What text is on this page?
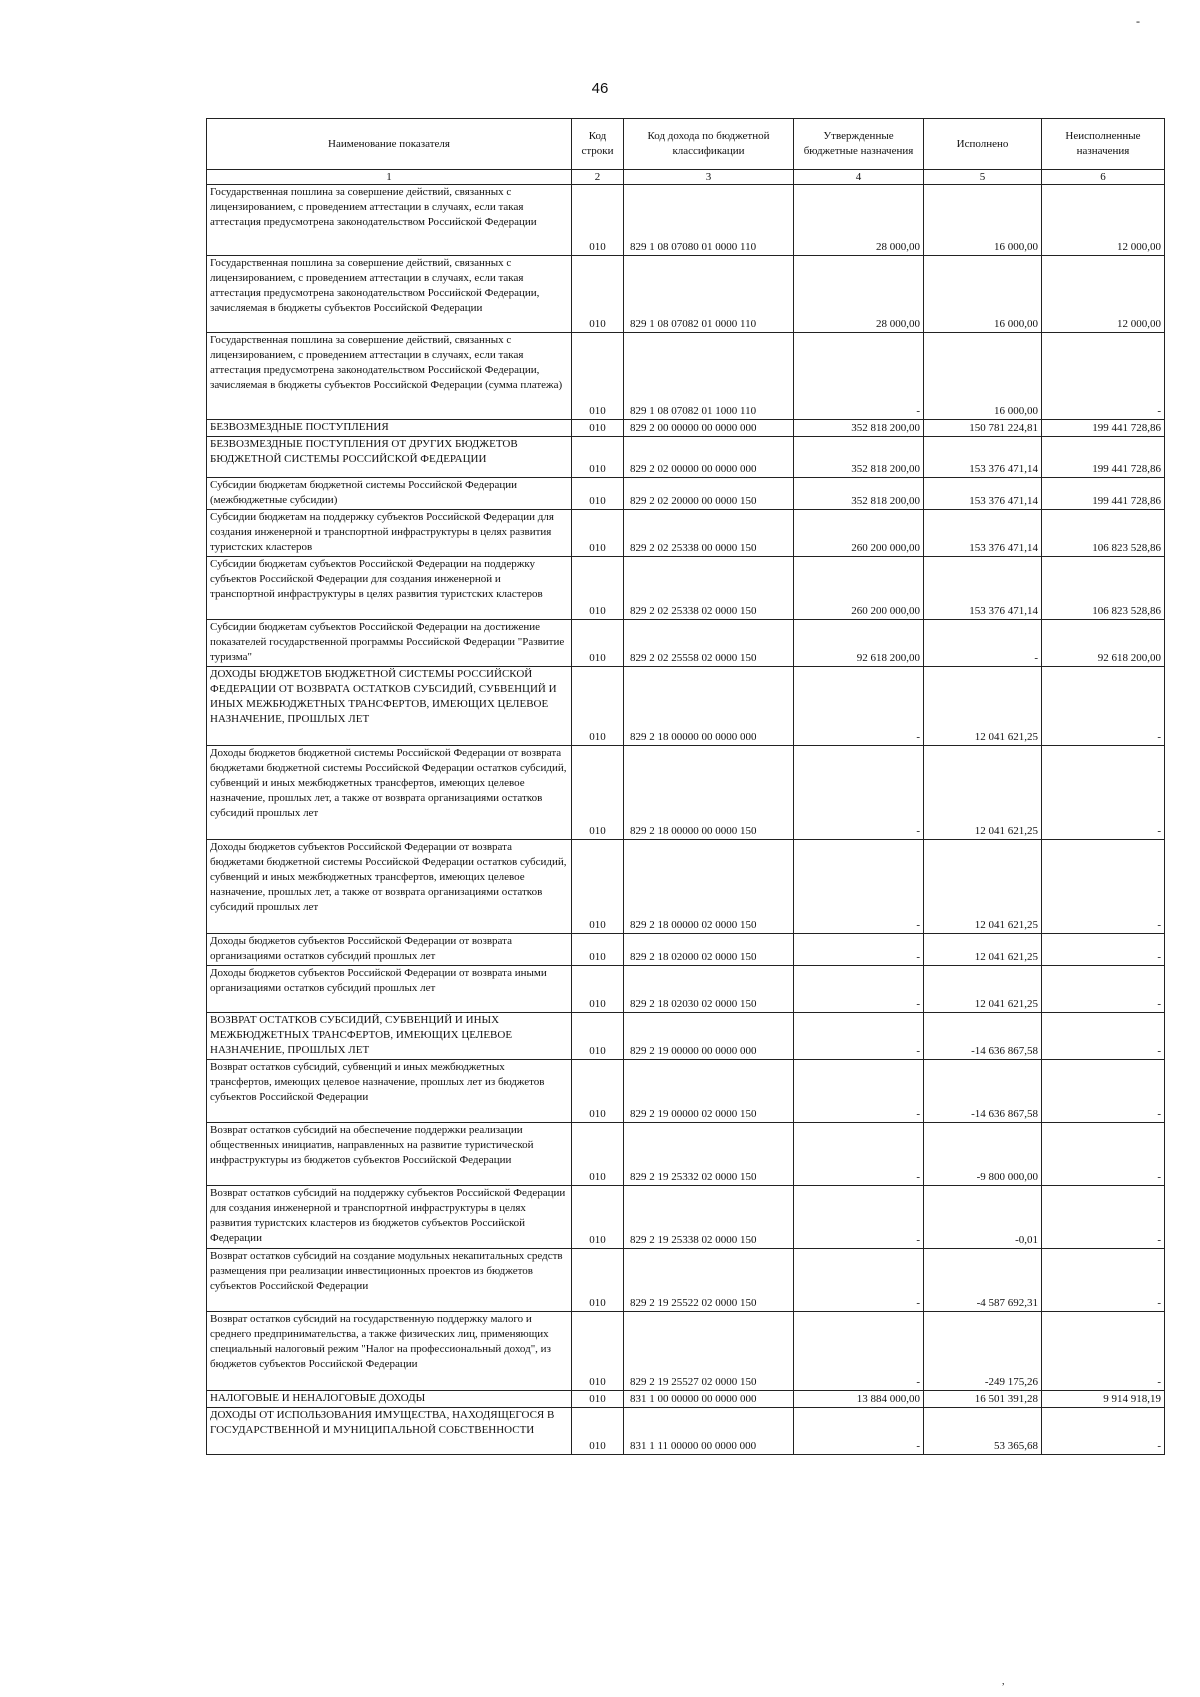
-
46
Наименование показателя	Код строки	Код дохода по бюджетной классификации	Утвержденные бюджетные назначения	Исполнено	Неисполненные назначения
1	2	3	4	5	6
Государственная пошлина за совершение действий, связанных с лицензированием, с проведением аттестации в случаях, если такая аттестация предусмотрена законодательством Российской Федерации	010	829 1 08 07080 01 0000 110	28 000,00	16 000,00	12 000,00
Государственная пошлина за совершение действий, связанных с лицензированием, с проведением аттестации в случаях, если такая аттестация предусмотрена законодательством Российской Федерации, зачисляемая в бюджеты субъектов Российской Федерации	010	829 1 08 07082 01 0000 110	28 000,00	16 000,00	12 000,00
Государственная пошлина за совершение действий, связанных с лицензированием, с проведением аттестации в случаях, если такая аттестация предусмотрена законодательством Российской Федерации, зачисляемая в бюджеты субъектов Российской Федерации (сумма платежа)	010	829 1 08 07082 01 1000 110	-	16 000,00	-
БЕЗВОЗМЕЗДНЫЕ ПОСТУПЛЕНИЯ	010	829 2 00 00000 00 0000 000	352 818 200,00	150 781 224,81	199 441 728,86
БЕЗВОЗМЕЗДНЫЕ ПОСТУПЛЕНИЯ ОТ ДРУГИХ БЮДЖЕТОВ БЮДЖЕТНОЙ СИСТЕМЫ РОССИЙСКОЙ ФЕДЕРАЦИИ	010	829 2 02 00000 00 0000 000	352 818 200,00	153 376 471,14	199 441 728,86
Субсидии бюджетам бюджетной системы Российской Федерации (межбюджетные субсидии)	010	829 2 02 20000 00 0000 150	352 818 200,00	153 376 471,14	199 441 728,86
Субсидии бюджетам на поддержку субъектов Российской Федерации для создания инженерной и транспортной инфраструктуры в целях развития туристских кластеров	010	829 2 02 25338 00 0000 150	260 200 000,00	153 376 471,14	106 823 528,86
Субсидии бюджетам субъектов Российской Федерации на поддержку субъектов Российской Федерации для создания инженерной и транспортной инфраструктуры в целях развития туристских кластеров	010	829 2 02 25338 02 0000 150	260 200 000,00	153 376 471,14	106 823 528,86
Субсидии бюджетам субъектов Российской Федерации на достижение показателей государственной программы Российской Федерации "Развитие туризма"	010	829 2 02 25558 02 0000 150	92 618 200,00	-	92 618 200,00
ДОХОДЫ БЮДЖЕТОВ БЮДЖЕТНОЙ СИСТЕМЫ РОССИЙСКОЙ ФЕДЕРАЦИИ ОТ ВОЗВРАТА ОСТАТКОВ СУБСИДИЙ, СУБВЕНЦИЙ И ИНЫХ МЕЖБЮДЖЕТНЫХ ТРАНСФЕРТОВ, ИМЕЮЩИХ ЦЕЛЕВОЕ НАЗНАЧЕНИЕ, ПРОШЛЫХ ЛЕТ	010	829 2 18 00000 00 0000 000	-	12 041 621,25	-
Доходы бюджетов бюджетной системы Российской Федерации от возврата бюджетами бюджетной системы Российской Федерации остатков субсидий, субвенций и иных межбюджетных трансфертов, имеющих целевое назначение, прошлых лет, а также от возврата организациями остатков субсидий прошлых лет	010	829 2 18 00000 00 0000 150	-	12 041 621,25	-
Доходы бюджетов субъектов Российской Федерации от возврата бюджетами бюджетной системы Российской Федерации остатков субсидий, субвенций и иных межбюджетных трансфертов, имеющих целевое назначение, прошлых лет, а также от возврата организациями остатков субсидий прошлых лет	010	829 2 18 00000 02 0000 150	-	12 041 621,25	-
Доходы бюджетов субъектов Российской Федерации от возврата организациями остатков субсидий прошлых лет	010	829 2 18 02000 02 0000 150	-	12 041 621,25	-
Доходы бюджетов субъектов Российской Федерации от возврата иными организациями остатков субсидий прошлых лет	010	829 2 18 02030 02 0000 150	-	12 041 621,25	-
ВОЗВРАТ ОСТАТКОВ СУБСИДИЙ, СУБВЕНЦИЙ И ИНЫХ МЕЖБЮДЖЕТНЫХ ТРАНСФЕРТОВ, ИМЕЮЩИХ ЦЕЛЕВОЕ НАЗНАЧЕНИЕ, ПРОШЛЫХ ЛЕТ	010	829 2 19 00000 00 0000 000	-	-14 636 867,58	-
Возврат остатков субсидий, субвенций и иных межбюджетных трансфертов, имеющих целевое назначение, прошлых лет из бюджетов субъектов Российской Федерации	010	829 2 19 00000 02 0000 150	-	-14 636 867,58	-
Возврат остатков субсидий на обеспечение поддержки реализации общественных инициатив, направленных на развитие туристической инфраструктуры из бюджетов субъектов Российской Федерации	010	829 2 19 25332 02 0000 150	-	-9 800 000,00	-
Возврат остатков субсидий на поддержку субъектов Российской Федерации для создания инженерной и транспортной инфраструктуры в целях развития туристских кластеров из бюджетов субъектов Российской Федерации	010	829 2 19 25338 02 0000 150	-	-0,01	-
Возврат остатков субсидий на создание модульных некапитальных средств размещения при реализации инвестиционных проектов из бюджетов субъектов Российской Федерации	010	829 2 19 25522 02 0000 150	-	-4 587 692,31	-
Возврат остатков субсидий на государственную поддержку малого и среднего предпринимательства, а также физических лиц, применяющих специальный налоговый режим "Налог на профессиональный доход", из бюджетов субъектов Российской Федерации	010	829 2 19 25527 02 0000 150	-	-249 175,26	-
НАЛОГОВЫЕ И НЕНАЛОГОВЫЕ ДОХОДЫ	010	831 1 00 00000 00 0000 000	13 884 000,00	16 501 391,28	9 914 918,19
ДОХОДЫ ОТ ИСПОЛЬЗОВАНИЯ ИМУЩЕСТВА, НАХОДЯЩЕГОСЯ В ГОСУДАРСТВЕННОЙ И МУНИЦИПАЛЬНОЙ СОБСТВЕННОСТИ	010	831 1 11 00000 00 0000 000	-	53 365,68	-
,
